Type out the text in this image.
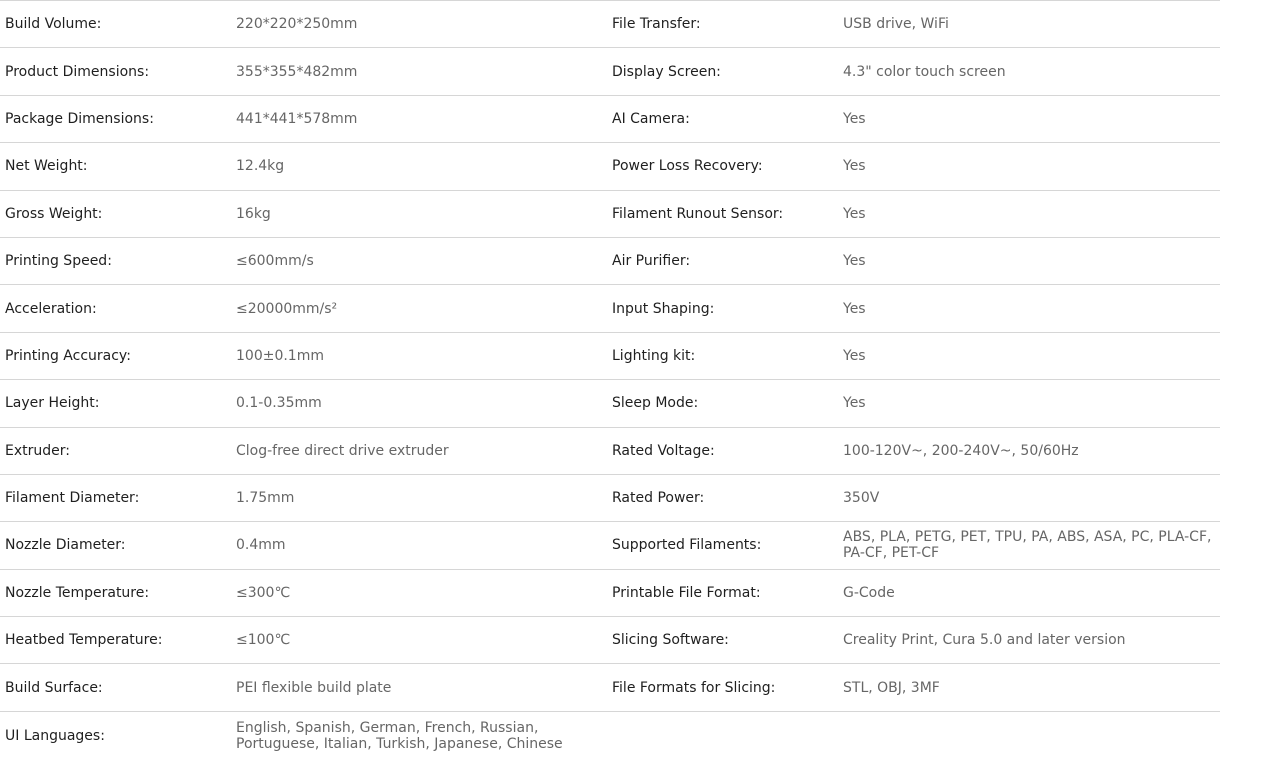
Build Volume:	220*220*250mm	File Transfer:	USB drive, WiFi
Product Dimensions:	355*355*482mm	Display Screen:	4.3" color touch screen
Package Dimensions:	441*441*578mm	AI Camera:	Yes
Net Weight:	12.4kg	Power Loss Recovery:	Yes
Gross Weight:	16kg	Filament Runout Sensor:	Yes
Printing Speed:	≤600mm/s	Air Purifier:	Yes
Acceleration:	≤20000mm/s²	Input Shaping:	Yes
Printing Accuracy:	100±0.1mm	Lighting kit:	Yes
Layer Height:	0.1-0.35mm	Sleep Mode:	Yes
Extruder:	Clog-free direct drive extruder	Rated Voltage:	100-120V~, 200-240V~, 50/60Hz
Filament Diameter:	1.75mm	Rated Power:	350V
Nozzle Diameter:	0.4mm	Supported Filaments:	ABS, PLA, PETG, PET, TPU, PA, ABS, ASA, PC, PLA-CF, PA-CF, PET-CF
Nozzle Temperature:	≤300℃	Printable File Format:	G-Code
Heatbed Temperature:	≤100℃	Slicing Software:	Creality Print, Cura 5.0 and later version
Build Surface:	PEI flexible build plate	File Formats for Slicing:	STL, OBJ, 3MF
UI Languages:	English, Spanish, German, French, Russian, Portuguese, Italian, Turkish, Japanese, Chinese
